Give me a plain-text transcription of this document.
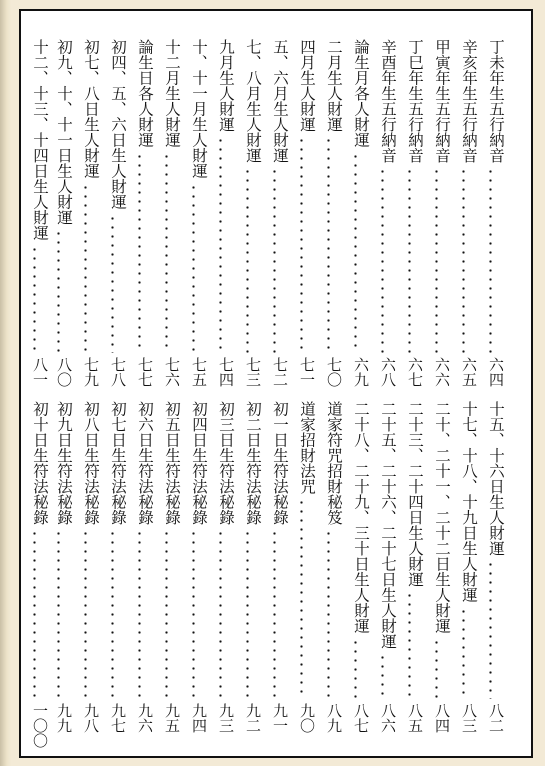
丁未年生五行納音
六四
十五、十六日生人財運
八二
辛亥年生五行納音
六五
十七、十八、十九日生人財運
八三
甲寅年生五行納音
六六
二十、二十一、二十二日生人財運
八四
丁巳年生五行納音
六七
二十三、二十四日生人財運
八五
辛酉年生五行納音
六八
二十五、二十六、二十七日生人財運
八六
論生月各人財運
六九
二十八、二十九、三十日生人財運
八七
二月生人財運
七〇
道家符咒招財秘笈
八九
四月生人財運
七一
道家招財法咒
九〇
五、六月生人財運
七二
初一日生符法秘錄
九一
七、八月生人財運
七三
初二日生符法秘錄
九二
九月生人財運
七四
初三日生符法秘錄
九三
十、十一月生人財運
七五
初四日生符法秘錄
九四
十二月生人財運
七六
初五日生符法秘錄
九五
論生日各人財運
七七
初六日生符法秘錄
九六
初四、五、六日生人財運
七八
初七日生符法秘錄
九七
初七、八日生人財運
七九
初八日生符法秘錄
九八
初九、十、十一日生人財運
八〇
初九日生符法秘錄
九九
十二、十三、十四日生人財運
八一
初十日生符法秘錄
一〇〇
